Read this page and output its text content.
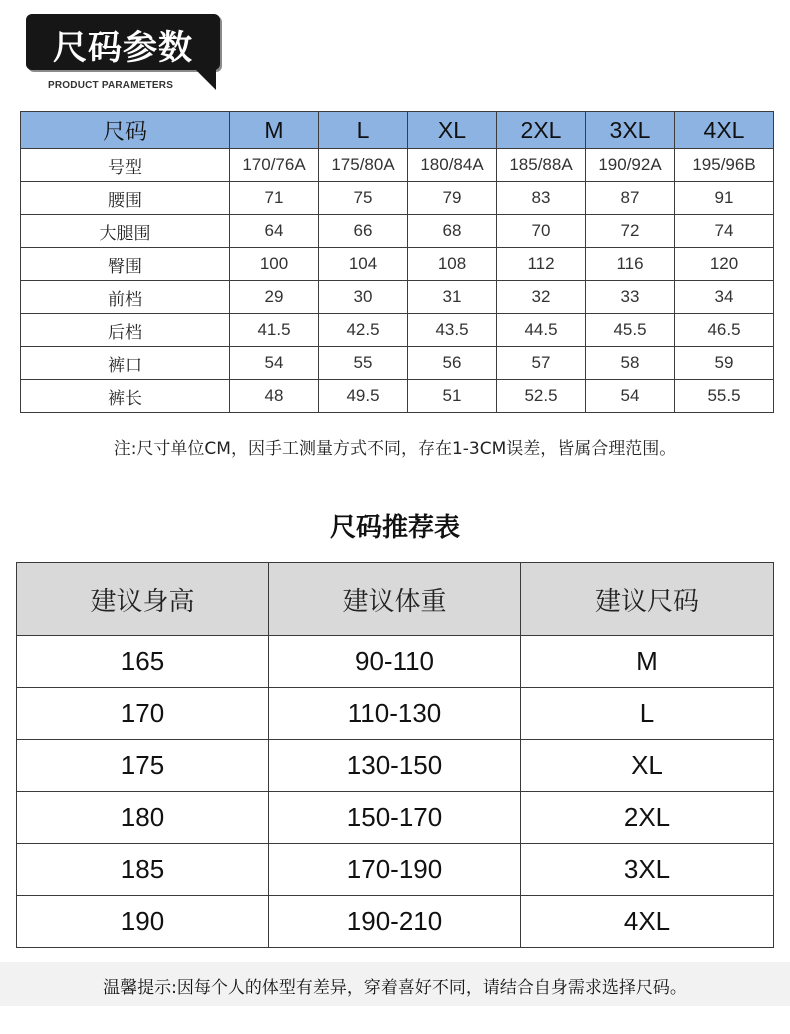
尺码参数
PRODUCT PARAMETERS
尺码	M	L	XL	2XL	3XL	4XL
号型	170/76A	175/80A	180/84A	185/88A	190/92A	195/96B
腰围	71	75	79	83	87	91
大腿围	64	66	68	70	72	74
臀围	100	104	108	112	116	120
前档	29	30	31	32	33	34
后档	41.5	42.5	43.5	44.5	45.5	46.5
裤口	54	55	56	57	58	59
裤长	48	49.5	51	52.5	54	55.5
注:尺寸单位CM，因手工测量方式不同，存在1-3CM误差，皆属合理范围。
尺码推荐表
建议身高	建议体重	建议尺码
165	90-110	M
170	110-130	L
175	130-150	XL
180	150-170	2XL
185	170-190	3XL
190	190-210	4XL
温馨提示:因每个人的体型有差异，穿着喜好不同，请结合自身需求选择尺码。
